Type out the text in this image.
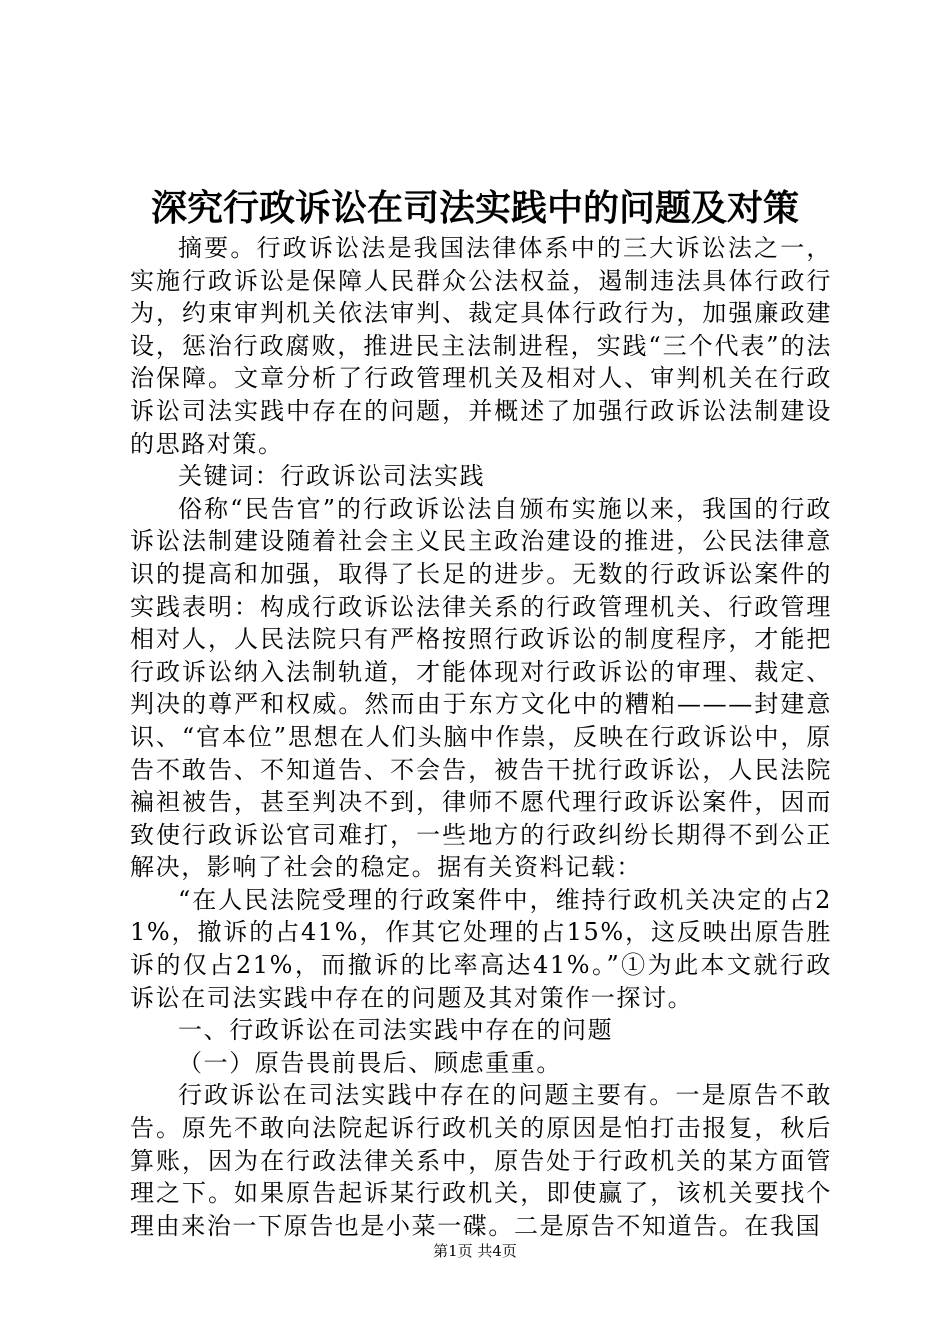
深究行政诉讼在司法实践中的问题及对策

摘要。行政诉讼法是我国法律体系中的三大诉讼法之一，实施行政诉讼是保障人民群众公法权益，遏制违法具体行政行为，约束审判机关依法审判、裁定具体行政行为，加强廉政建设，惩治行政腐败，推进民主法制进程，实践“三个代表”的法治保障。文章分析了行政管理机关及相对人、审判机关在行政诉讼司法实践中存在的问题，并概述了加强行政诉讼法制建设的思路对策。

关键词：行政诉讼司法实践

俗称“民告官”的行政诉讼法自颁布实施以来，我国的行政诉讼法制建设随着社会主义民主政治建设的推进，公民法律意识的提高和加强，取得了长足的进步。无数的行政诉讼案件的实践表明：构成行政诉讼法律关系的行政管理机关、行政管理相对人，人民法院只有严格按照行政诉讼的制度程序，才能把行政诉讼纳入法制轨道，才能体现对行政诉讼的审理、裁定、判决的尊严和权威。然而由于东方文化中的糟粕———封建意识、“官本位”思想在人们头脑中作祟，反映在行政诉讼中，原告不敢告、不知道告、不会告，被告干扰行政诉讼，人民法院褊袒被告，甚至判决不到，律师不愿代理行政诉讼案件，因而致使行政诉讼官司难打，一些地方的行政纠纷长期得不到公正解决，影响了社会的稳定。据有关资料记载：

“在人民法院受理的行政案件中，维持行政机关决定的占21%，撤诉的占41%，作其它处理的占15%，这反映出原告胜诉的仅占21%，而撤诉的比率高达41%。”①为此本文就行政诉讼在司法实践中存在的问题及其对策作一探讨。

一、行政诉讼在司法实践中存在的问题

（一）原告畏前畏后、顾虑重重。

行政诉讼在司法实践中存在的问题主要有。一是原告不敢告。原先不敢向法院起诉行政机关的原因是怕打击报复，秋后算账，因为在行政法律关系中，原告处于行政机关的某方面管理之下。如果原告起诉某行政机关，即使赢了，该机关要找个理由来治一下原告也是小菜一碟。二是原告不知道告。在我国

第1页 共4页
